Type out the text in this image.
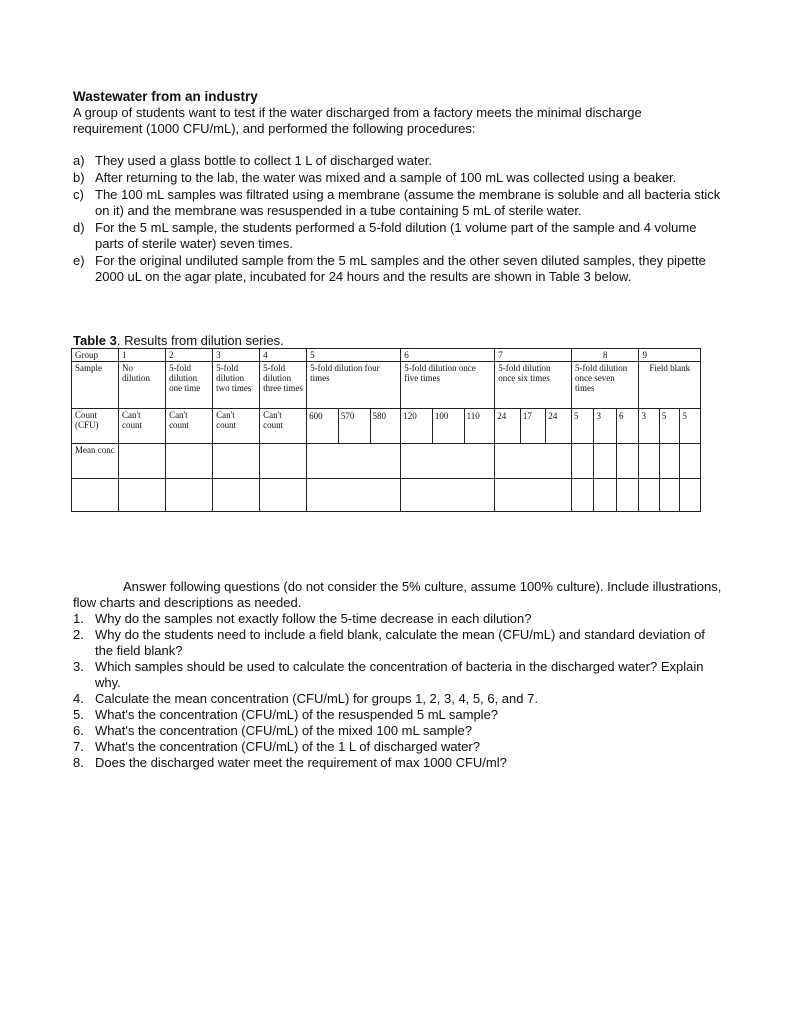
Wastewater from an industry
A group of students want to test if the water discharged from a factory meets the minimal discharge requirement (1000 CFU/mL), and performed the following procedures:
a) They used a glass bottle to collect 1 L of discharged water.
b) After returning to the lab, the water was mixed and a sample of 100 mL was collected using a beaker.
c) The 100 mL samples was filtrated using a membrane (assume the membrane is soluble and all bacteria stick on it) and the membrane was resuspended in a tube containing 5 mL of sterile water.
d) For the 5 mL sample, the students performed a 5-fold dilution (1 volume part of the sample and 4 volume parts of sterile water) seven times.
e) For the original undiluted sample from the 5 mL samples and the other seven diluted samples, they pipette 2000 uL on the agar plate, incubated for 24 hours and the results are shown in Table 3 below.
Table 3. Results from dilution series.
Group	1	2	3	4	5			6			7			8			9		
Sample	No dilution	5-fold dilution one time	5-fold dilution two times	5-fold dilution three times	5-fold dilution four times			5-fold dilution once five times			5-fold dilution once six times			5-fold dilution once seven times			Field blank		
Count (CFU)	Can't count	Can't count	Can't count	Can't count	600	570	580	120	100	110	24	17	24	5	3	6	3	5	5
Mean conc																			

Answer following questions (do not consider the 5% culture, assume 100% culture). Include illustrations, flow charts and descriptions as needed.

1. Why do the samples not exactly follow the 5-time decrease in each dilution?
2. Why do the students need to include a field blank, calculate the mean (CFU/mL) and standard deviation of the field blank?
3. Which samples should be used to calculate the concentration of bacteria in the discharged water? Explain why.
4. Calculate the mean concentration (CFU/mL) for groups 1, 2, 3, 4, 5, 6, and 7.
5. What's the concentration (CFU/mL) of the resuspended 5 mL sample?
6. What's the concentration (CFU/mL) of the mixed 100 mL sample?
7. What's the concentration (CFU/mL) of the 1 L of discharged water?
8. Does the discharged water meet the requirement of max 1000 CFU/ml?
